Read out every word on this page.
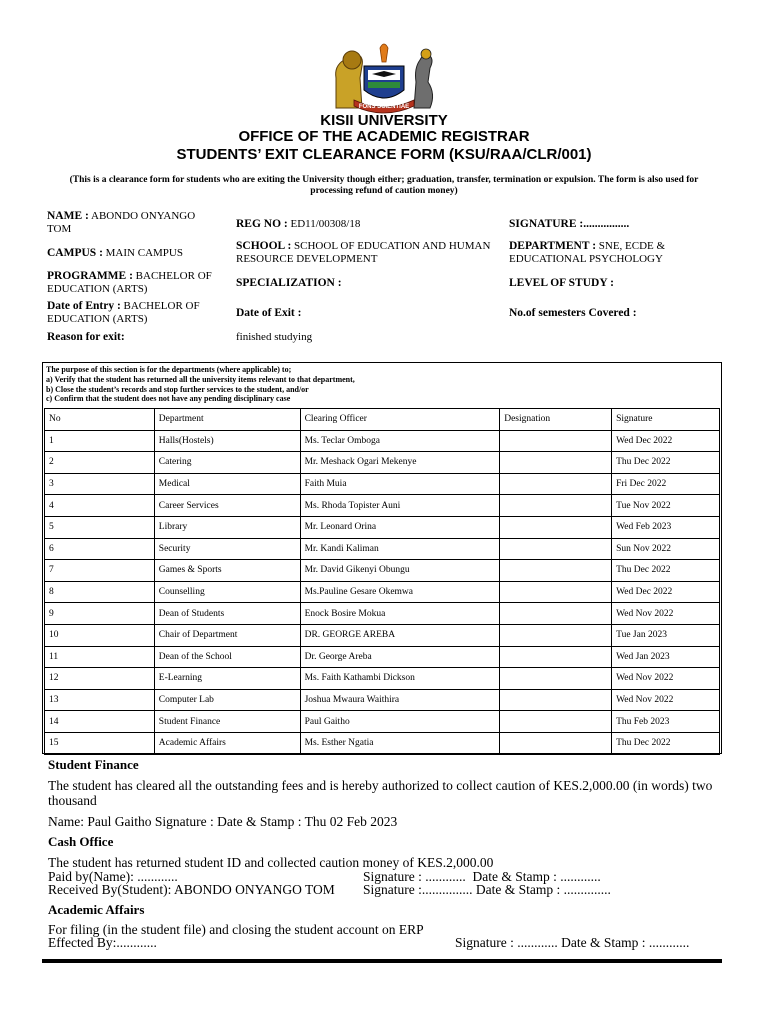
FONS SCIENTIAE
KISII UNIVERSITY
OFFICE OF THE ACADEMIC REGISTRAR
STUDENTS’ EXIT CLEARANCE FORM (KSU/RAA/CLR/001)
(This is a clearance form for students who are exiting the University though either; graduation, transfer, termination or expulsion. The form is also used for processing refund of caution money)
NAME : ABONDO ONYANGO TOM	REG NO : ED11/00308/18	SIGNATURE :................
CAMPUS : MAIN CAMPUS
SCHOOL : SCHOOL OF EDUCATION AND HUMAN RESOURCE DEVELOPMENT
DEPARTMENT : SNE, ECDE & EDUCATIONAL PSYCHOLOGY
PROGRAMME : BACHELOR OF EDUCATION (ARTS)	SPECIALIZATION :	LEVEL OF STUDY :
Date of Entry : BACHELOR OF EDUCATION (ARTS)	Date of Exit :	No.of semesters Covered :
Reason for exit:	finished studying
The purpose of this section is for the departments (where applicable) to;
a) Verify that the student has returned all the university items relevant to that department,
b) Close the student’s records and stop further services to the student, and/or
c) Confirm that the student does not have any pending disciplinary case
No	Department	Clearing Officer	Designation	Signature
1	Halls(Hostels)	Ms. Teclar Omboga		Wed Dec 2022
2	Catering	Mr. Meshack Ogari Mekenye		Thu Dec 2022
3	Medical	Faith Muia		Fri Dec 2022
4	Career Services	Ms. Rhoda Topister Auni		Tue Nov 2022
5	Library	Mr. Leonard Orina		Wed Feb 2023
6	Security	Mr. Kandi Kaliman		Sun Nov 2022
7	Games & Sports	Mr. David Gikenyi Obungu		Thu Dec 2022
8	Counselling	Ms.Pauline Gesare Okemwa		Wed Dec 2022
9	Dean of Students	Enock Bosire Mokua		Wed Nov 2022
10	Chair of Department	DR. GEORGE AREBA		Tue Jan 2023
11	Dean of the School	Dr. George Areba		Wed Jan 2023
12	E-Learning	Ms. Faith Kathambi Dickson		Wed Nov 2022
13	Computer Lab	Joshua Mwaura Waithira		Wed Nov 2022
14	Student Finance	Paul Gaitho		Thu Feb 2023
15	Academic Affairs	Ms. Esther Ngatia		Thu Dec 2022
Student Finance
The student has cleared all the outstanding fees and is hereby authorized to collect caution of KES.2,000.00 (in words) two thousand
Name: Paul Gaitho Signature : Date & Stamp : Thu 02 Feb 2023
Cash Office
The student has returned student ID and collected caution money of KES.2,000.00
Paid by(Name): ............	Signature : ............  Date & Stamp : ............
Received By(Student): ABONDO ONYANGO TOM Signature :............... Date & Stamp : ..............
Academic Affairs
For filing (in the student file) and closing the student account on ERP
Effected By:............	Signature : ............ Date & Stamp : ............
